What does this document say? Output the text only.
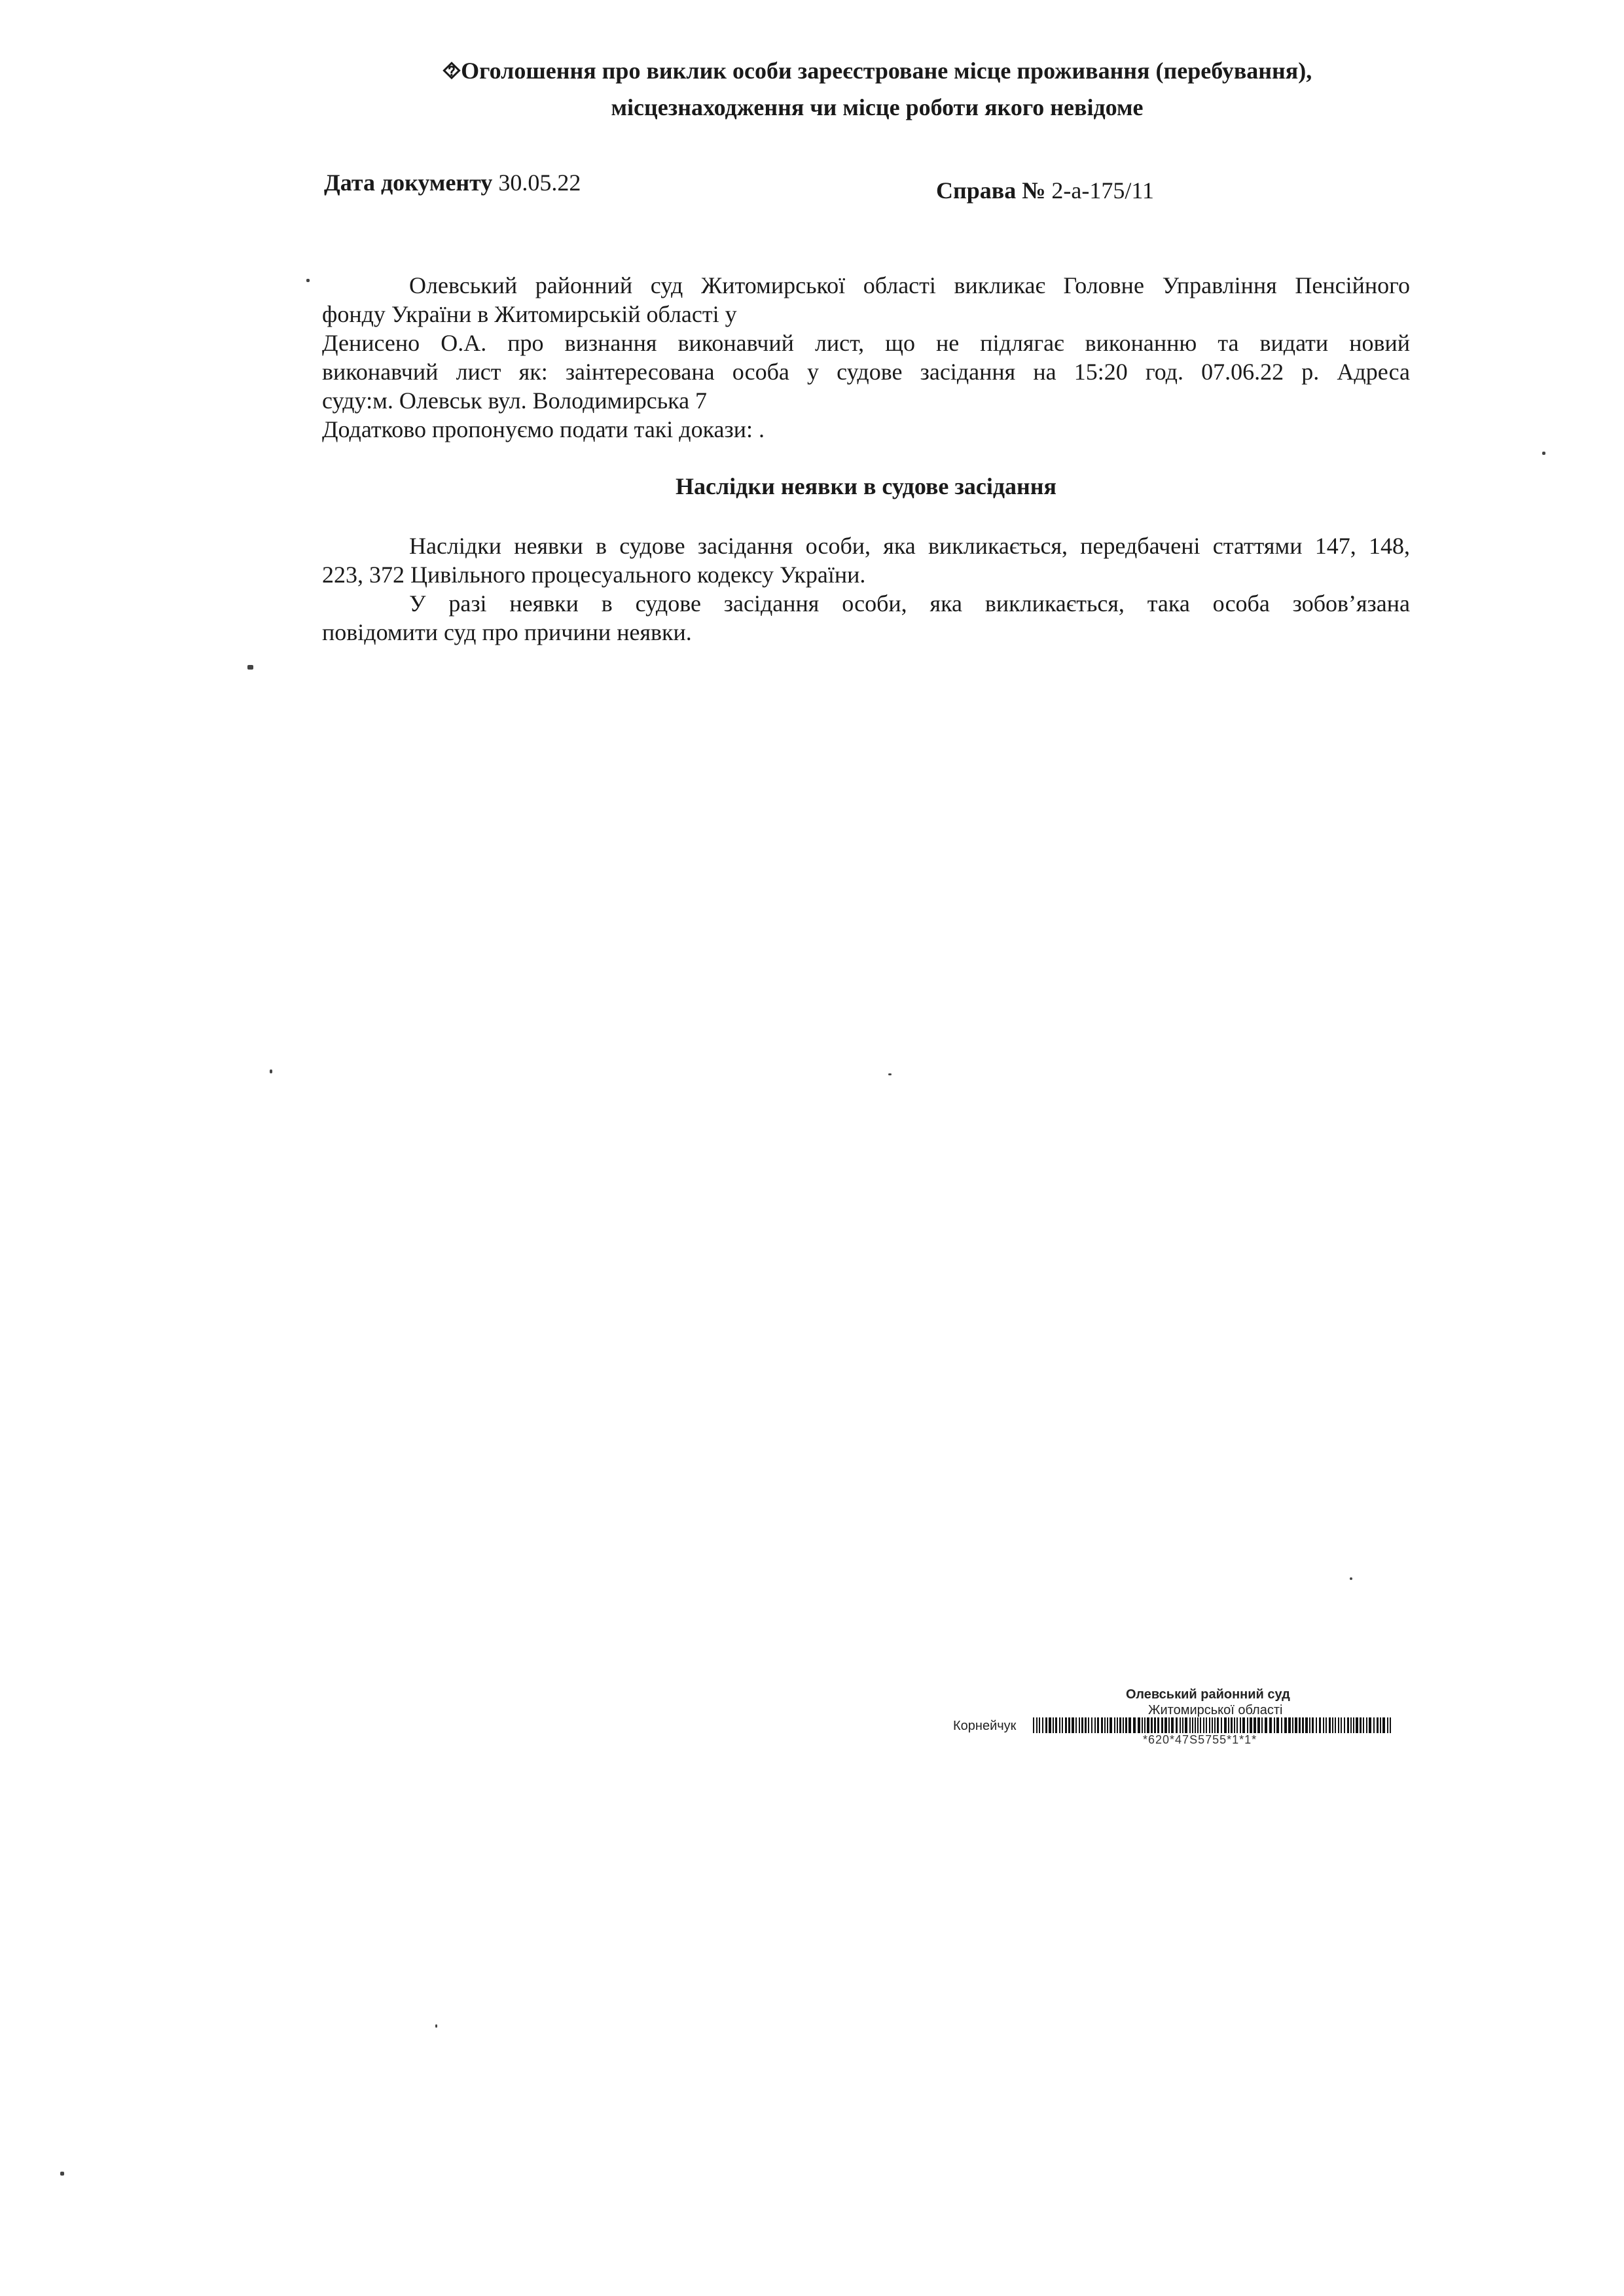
⯑Оголошення про виклик особи зареєстроване місце проживання (перебування),
місцезнаходження чи місце роботи якого невідоме
Дата документу 30.05.22	Справа № 2-а-175/11
Олевський районний суд Житомирської області викликає Головне Управління Пенсійного
фонду України в Житомирській області у
Денисено О.А. про визнання виконавчий лист, що не підлягає виконанню та видати новий
виконавчий лист як: заінтересована особа у судове засідання на 15:20 год. 07.06.22 р. Адреса
суду:м. Олевськ вул. Володимирська 7
Додатково пропонуємо подати такі докази: .
Наслідки неявки в судове засідання
Наслідки неявки в судове засідання особи, яка викликається, передбачені статтями 147, 148,
223, 372 Цивільного процесуального кодексу України.
У разі неявки в судове засідання особи, яка викликається, така особа зобов’язана
повідомити суд про причини неявки.
Олевський районний суд
Житомирської області
Корнейчук
*620*47S5755*1*1*
